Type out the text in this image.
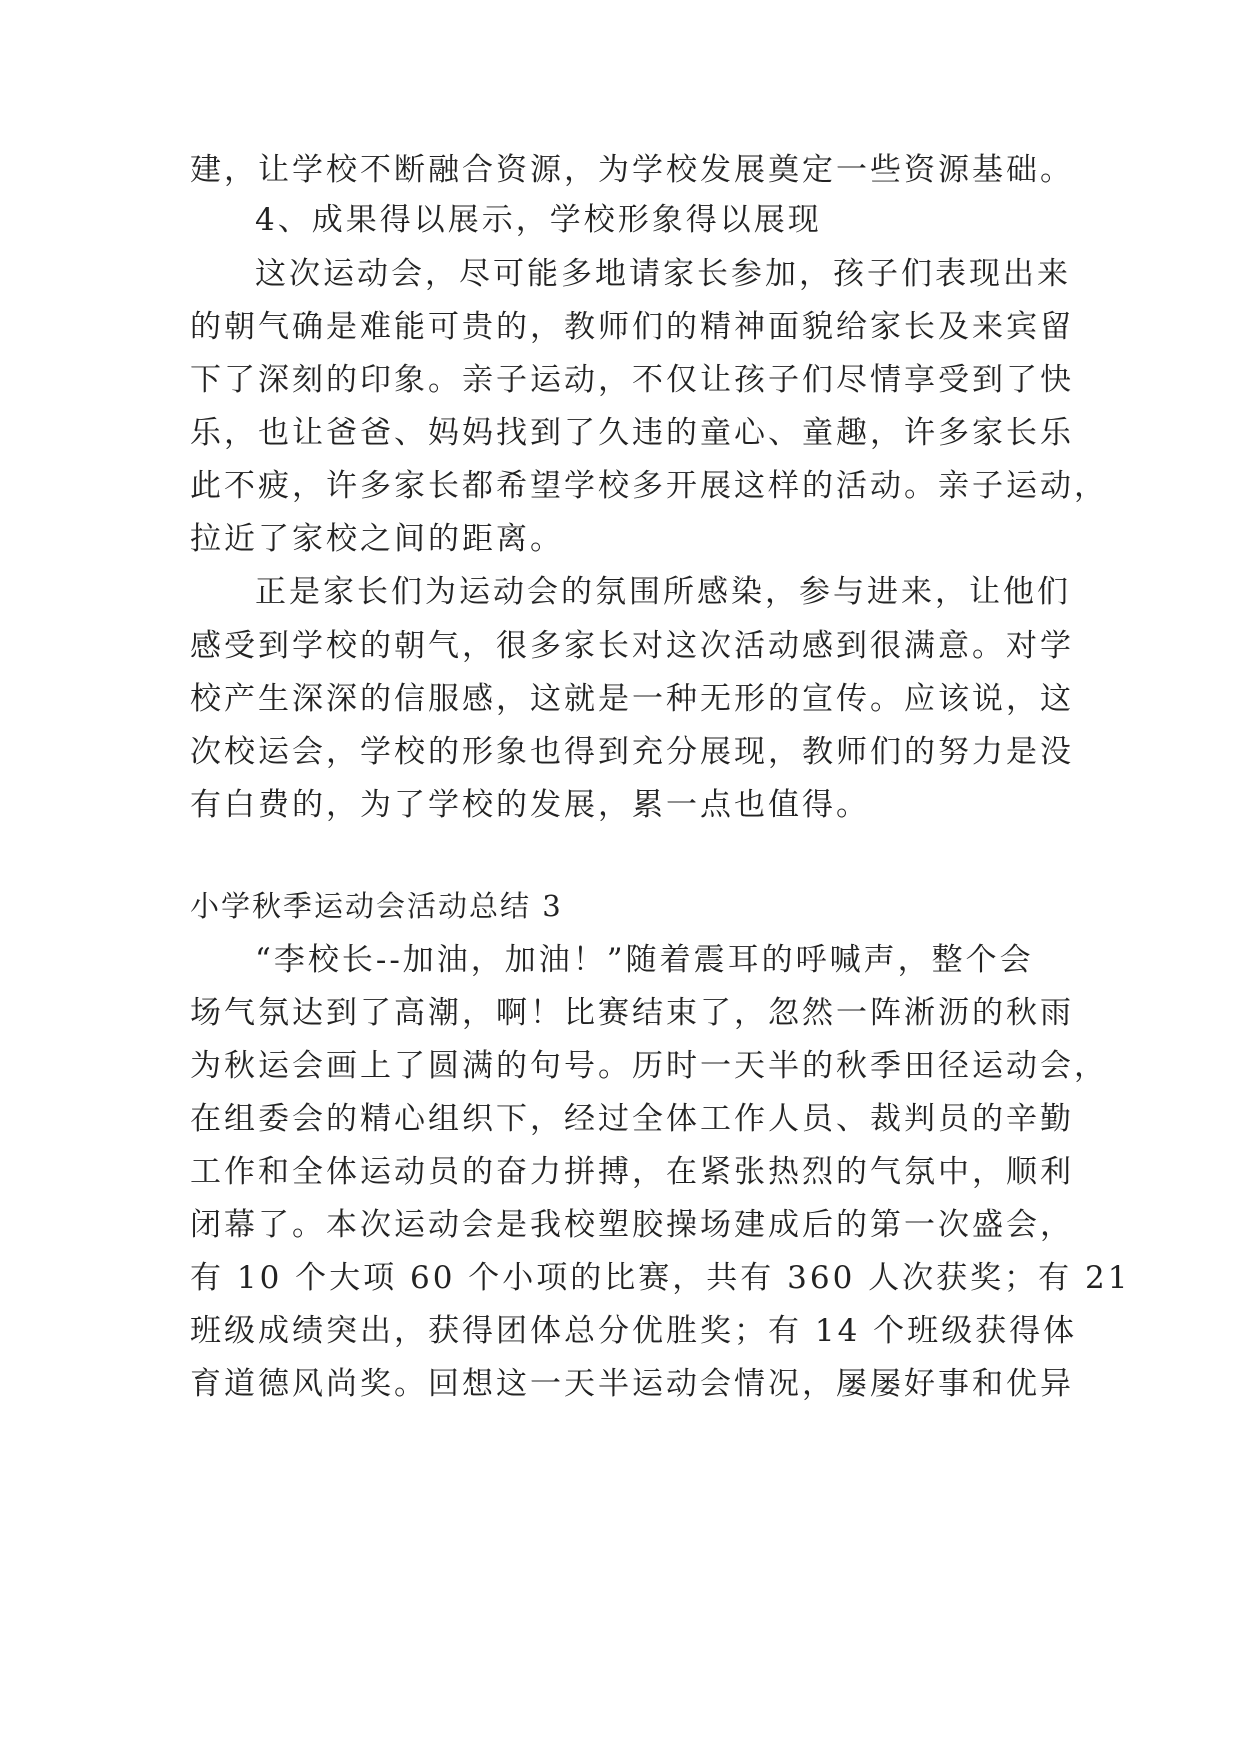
建，让学校不断融合资源，为学校发展奠定一些资源基础。
4、成果得以展示，学校形象得以展现
这次运动会，尽可能多地请家长参加，孩子们表现出来
的朝气确是难能可贵的，教师们的精神面貌给家长及来宾留
下了深刻的印象。亲子运动，不仅让孩子们尽情享受到了快
乐，也让爸爸、妈妈找到了久违的童心、童趣，许多家长乐
此不疲，许多家长都希望学校多开展这样的活动。亲子运动，
拉近了家校之间的距离。
正是家长们为运动会的氛围所感染，参与进来，让他们
感受到学校的朝气，很多家长对这次活动感到很满意。对学
校产生深深的信服感，这就是一种无形的宣传。应该说，这
次校运会，学校的形象也得到充分展现，教师们的努力是没
有白费的，为了学校的发展，累一点也值得。
小学秋季运动会活动总结 3
“李校长--加油，加油！”随着震耳的呼喊声，整个会
场气氛达到了高潮，啊！比赛结束了，忽然一阵淅沥的秋雨
为秋运会画上了圆满的句号。历时一天半的秋季田径运动会，
在组委会的精心组织下，经过全体工作人员、裁判员的辛勤
工作和全体运动员的奋力拼搏，在紧张热烈的气氛中，顺利
闭幕了。本次运动会是我校塑胶操场建成后的第一次盛会，
有 10 个大项 60 个小项的比赛，共有 360 人次获奖；有 21
班级成绩突出，获得团体总分优胜奖；有 14 个班级获得体
育道德风尚奖。回想这一天半运动会情况，屡屡好事和优异
